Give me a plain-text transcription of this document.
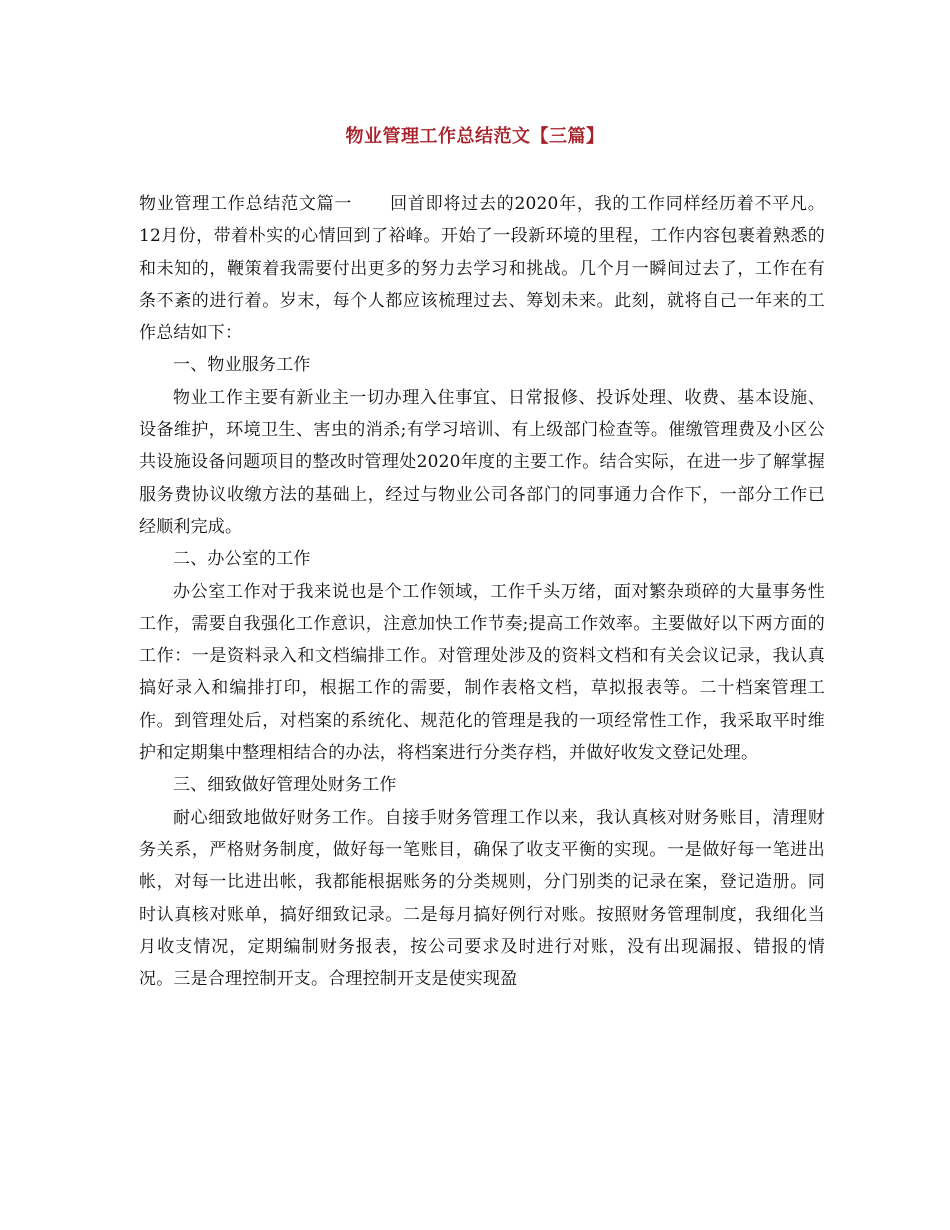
物业管理工作总结范文【三篇】

物业管理工作总结范文篇一 回首即将过去的2020年，我的工作同样经历着不平凡。12月份，带着朴实的心情回到了裕峰。开始了一段新环境的里程，工作内容包裹着熟悉的和未知的，鞭策着我需要付出更多的努力去学习和挑战。几个月一瞬间过去了，工作在有条不紊的进行着。岁末，每个人都应该梳理过去、筹划未来。此刻，就将自己一年来的工作总结如下：

一、物业服务工作

物业工作主要有新业主一切办理入住事宜、日常报修、投诉处理、收费、基本设施、设备维护，环境卫生、害虫的消杀;有学习培训、有上级部门检查等。催缴管理费及小区公共设施设备问题项目的整改时管理处2020年度的主要工作。结合实际，在进一步了解掌握服务费协议收缴方法的基础上，经过与物业公司各部门的同事通力合作下，一部分工作已经顺利完成。

二、办公室的工作

办公室工作对于我来说也是个工作领域，工作千头万绪，面对繁杂琐碎的大量事务性工作，需要自我强化工作意识，注意加快工作节奏;提高工作效率。主要做好以下两方面的工作：一是资料录入和文档编排工作。对管理处涉及的资料文档和有关会议记录，我认真搞好录入和编排打印，根据工作的需要，制作表格文档，草拟报表等。二十档案管理工作。到管理处后，对档案的系统化、规范化的管理是我的一项经常性工作，我采取平时维护和定期集中整理相结合的办法，将档案进行分类存档，并做好收发文登记处理。

三、细致做好管理处财务工作

耐心细致地做好财务工作。自接手财务管理工作以来，我认真核对财务账目，清理财务关系，严格财务制度，做好每一笔账目，确保了收支平衡的实现。一是做好每一笔进出帐，对每一比进出帐，我都能根据账务的分类规则，分门别类的记录在案，登记造册。同时认真核对账单，搞好细致记录。二是每月搞好例行对账。按照财务管理制度，我细化当月收支情况，定期编制财务报表，按公司要求及时进行对账，没有出现漏报、错报的情况。三是合理控制开支。合理控制开支是使实现盈
